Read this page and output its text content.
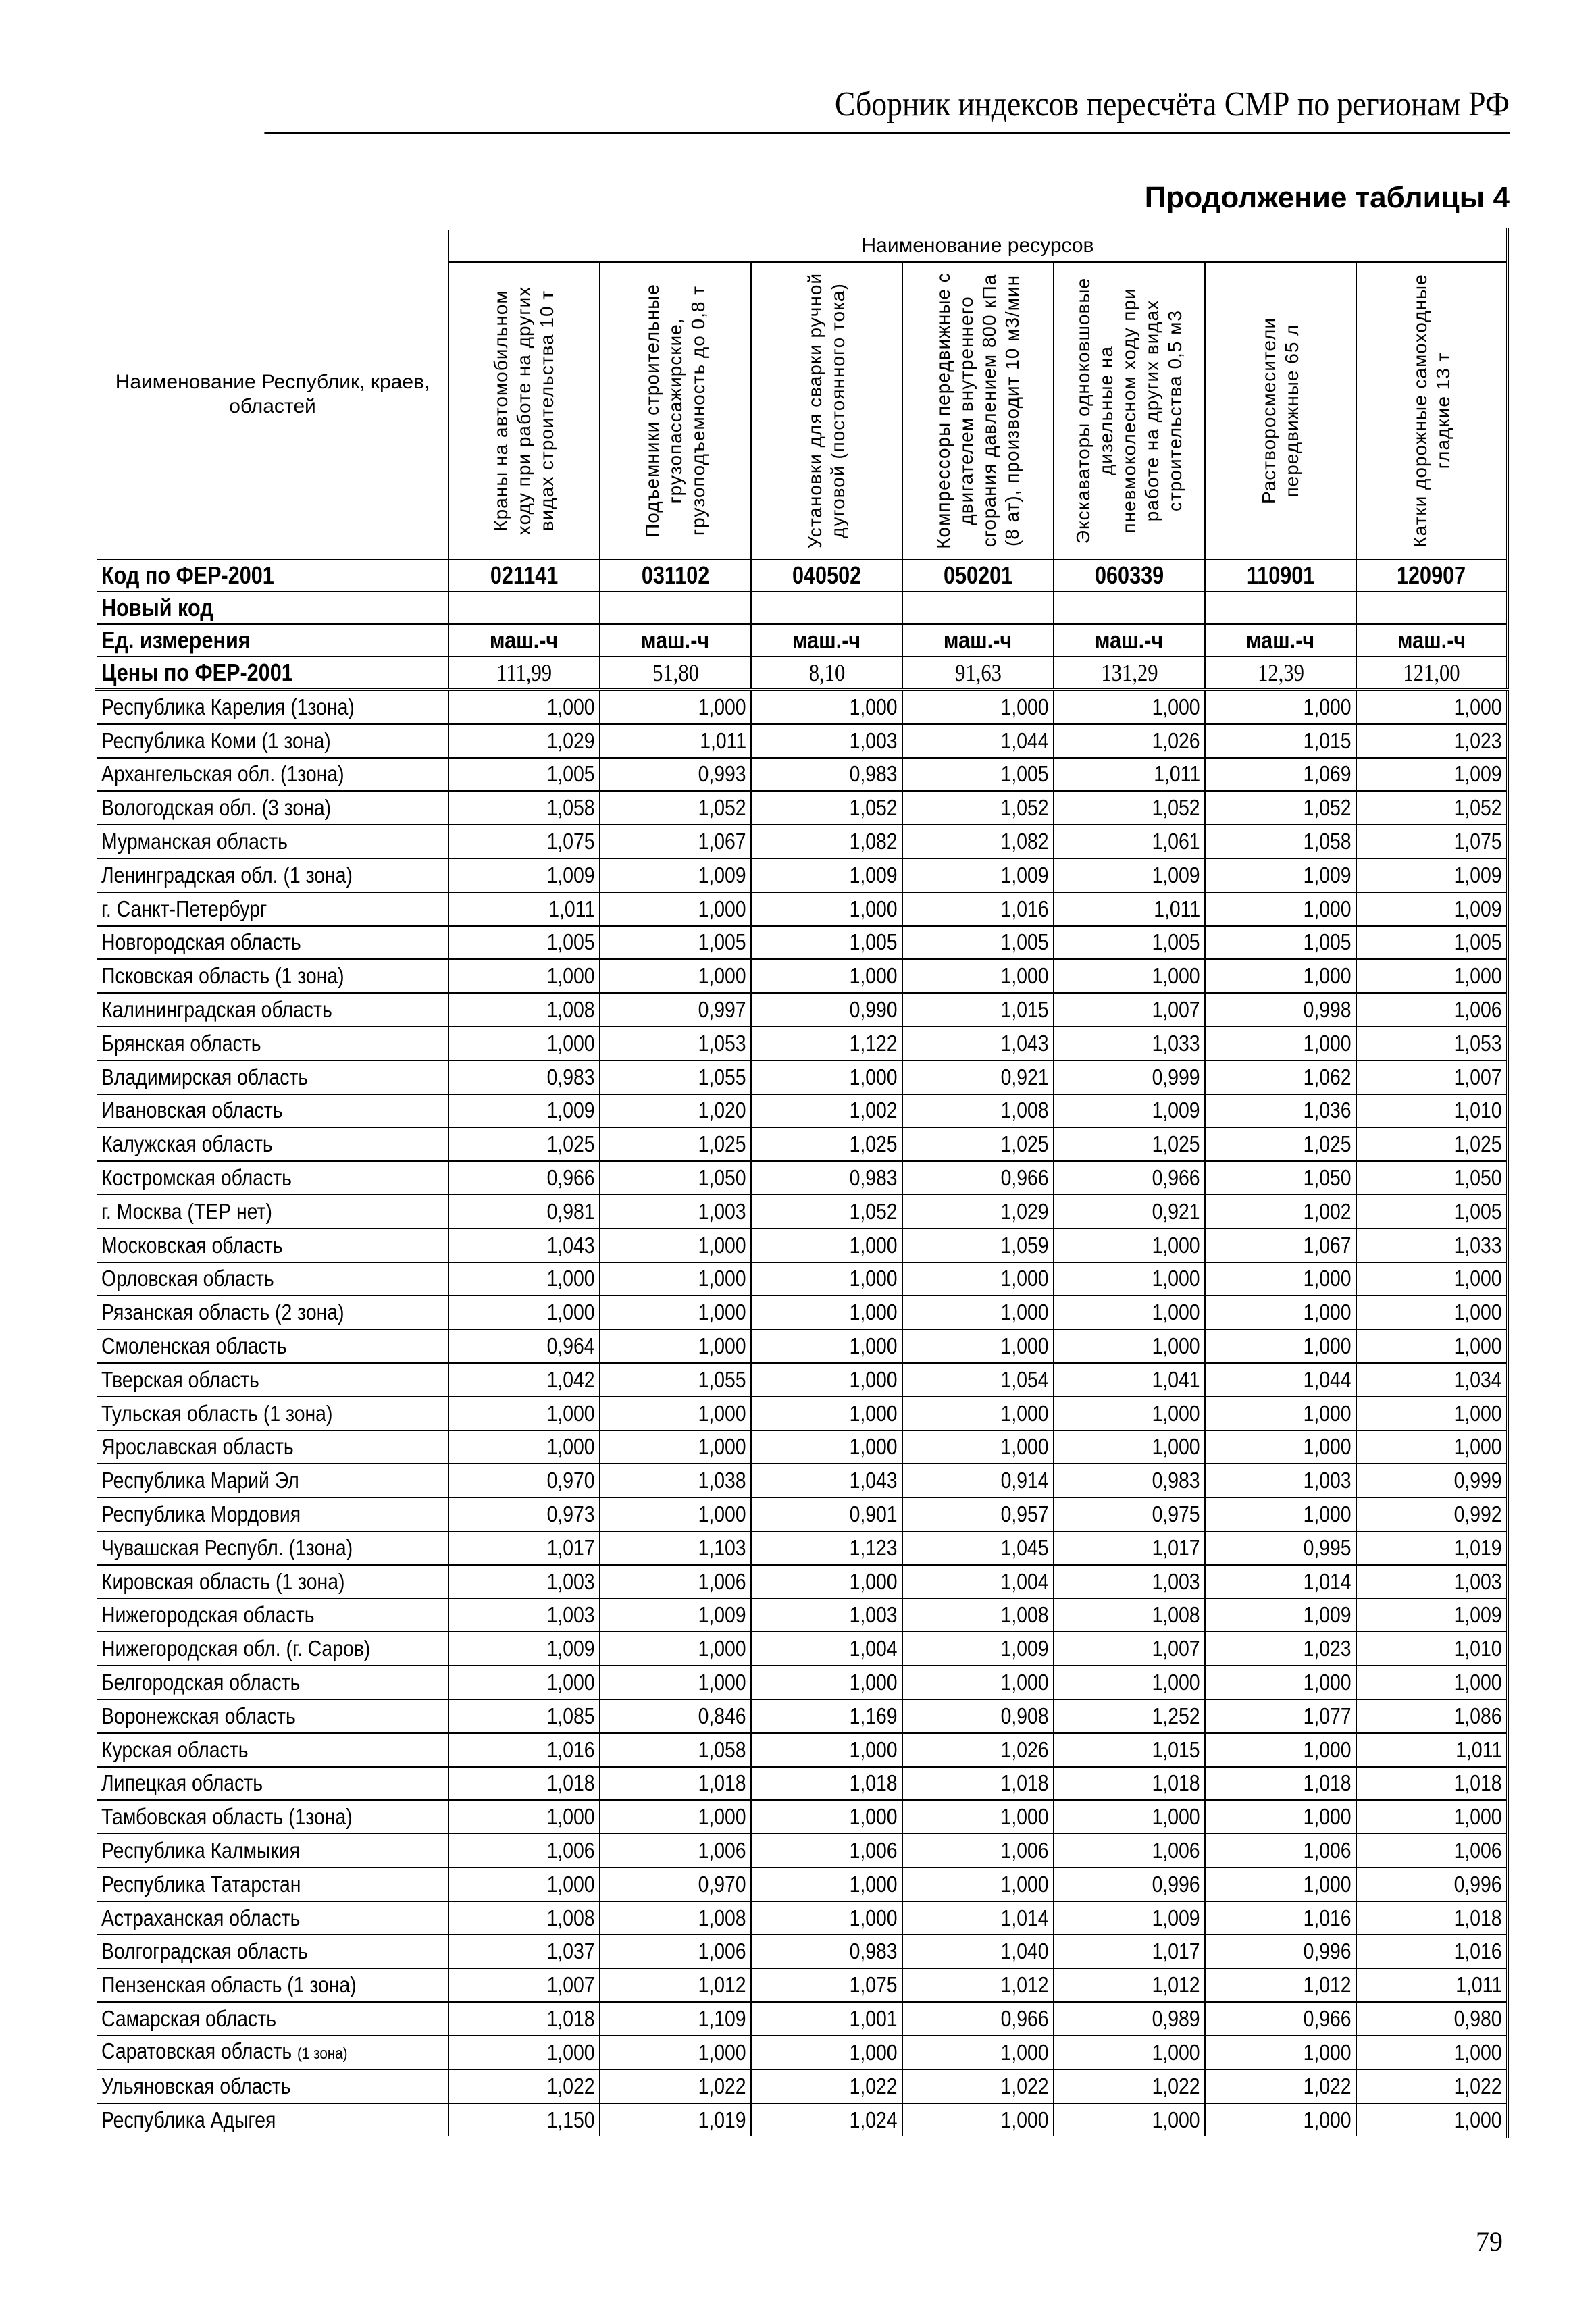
Сборник индексов пересчёта СМР по регионам РФ
Продолжение таблицы 4
Наименование Республик, краев, областей	Наименование ресурсов						

	Краны на автомобильном ходу при работе на других видах строительства 10 т	Подъемники строительные грузопассажирские, грузоподъемность до 0,8 т	Установки для сварки ручной дуговой (постоянного тока)	Компрессоры передвижные с двигателем внутреннего сгорания давлением 800 кПа (8 ат), производит 10 м3/мин	Экскаваторы одноковшовые дизельные на пневмоколесном ходу при работе на других видах строительства 0,5 м3	Растворосмесители передвижные 65 л	Катки дорожные самоходные гладкие 13 т

Код по ФЕР-2001	021141	031102	040502	050201	060339	110901	120907
Новый код							
Ед. измерения	маш.-ч	маш.-ч	маш.-ч	маш.-ч	маш.-ч	маш.-ч	маш.-ч
Цены по ФЕР-2001	111,99	51,80	8,10	91,63	131,29	12,39	121,00
Республика Карелия (1зона)	1,000	1,000	1,000	1,000	1,000	1,000	1,000
Республика Коми (1 зона)	1,029	1,011	1,003	1,044	1,026	1,015	1,023
Архангельская обл. (1зона)	1,005	0,993	0,983	1,005	1,011	1,069	1,009
Вологодская обл. (3 зона)	1,058	1,052	1,052	1,052	1,052	1,052	1,052
Мурманская область	1,075	1,067	1,082	1,082	1,061	1,058	1,075
Ленинградская обл. (1 зона)	1,009	1,009	1,009	1,009	1,009	1,009	1,009
г. Санкт-Петербург	1,011	1,000	1,000	1,016	1,011	1,000	1,009
Новгородская область	1,005	1,005	1,005	1,005	1,005	1,005	1,005
Псковская область (1 зона)	1,000	1,000	1,000	1,000	1,000	1,000	1,000
Калининградская область	1,008	0,997	0,990	1,015	1,007	0,998	1,006
Брянская область	1,000	1,053	1,122	1,043	1,033	1,000	1,053
Владимирская область	0,983	1,055	1,000	0,921	0,999	1,062	1,007
Ивановская область	1,009	1,020	1,002	1,008	1,009	1,036	1,010
Калужская область	1,025	1,025	1,025	1,025	1,025	1,025	1,025
Костромская область	0,966	1,050	0,983	0,966	0,966	1,050	1,050
г. Москва (ТЕР нет)	0,981	1,003	1,052	1,029	0,921	1,002	1,005
Московская область	1,043	1,000	1,000	1,059	1,000	1,067	1,033
Орловская область	1,000	1,000	1,000	1,000	1,000	1,000	1,000
Рязанская область (2 зона)	1,000	1,000	1,000	1,000	1,000	1,000	1,000
Смоленская область	0,964	1,000	1,000	1,000	1,000	1,000	1,000
Тверская область	1,042	1,055	1,000	1,054	1,041	1,044	1,034
Тульская область (1 зона)	1,000	1,000	1,000	1,000	1,000	1,000	1,000
Ярославская область	1,000	1,000	1,000	1,000	1,000	1,000	1,000
Республика Марий Эл	0,970	1,038	1,043	0,914	0,983	1,003	0,999
Республика Мордовия	0,973	1,000	0,901	0,957	0,975	1,000	0,992
Чувашская Республ. (1зона)	1,017	1,103	1,123	1,045	1,017	0,995	1,019
Кировская область (1 зона)	1,003	1,006	1,000	1,004	1,003	1,014	1,003
Нижегородская область	1,003	1,009	1,003	1,008	1,008	1,009	1,009
Нижегородская обл. (г. Саров)	1,009	1,000	1,004	1,009	1,007	1,023	1,010
Белгородская область	1,000	1,000	1,000	1,000	1,000	1,000	1,000
Воронежская область	1,085	0,846	1,169	0,908	1,252	1,077	1,086
Курская область	1,016	1,058	1,000	1,026	1,015	1,000	1,011
Липецкая область	1,018	1,018	1,018	1,018	1,018	1,018	1,018
Тамбовская область (1зона)	1,000	1,000	1,000	1,000	1,000	1,000	1,000
Республика Калмыкия	1,006	1,006	1,006	1,006	1,006	1,006	1,006
Республика Татарстан	1,000	0,970	1,000	1,000	0,996	1,000	0,996
Астраханская область	1,008	1,008	1,000	1,014	1,009	1,016	1,018
Волгоградская область	1,037	1,006	0,983	1,040	1,017	0,996	1,016
Пензенская область (1 зона)	1,007	1,012	1,075	1,012	1,012	1,012	1,011
Самарская область	1,018	1,109	1,001	0,966	0,989	0,966	0,980
Саратовская область (1 зона)	1,000	1,000	1,000	1,000	1,000	1,000	1,000
Ульяновская область	1,022	1,022	1,022	1,022	1,022	1,022	1,022
Республика Адыгея	1,150	1,019	1,024	1,000	1,000	1,000	1,000
79
